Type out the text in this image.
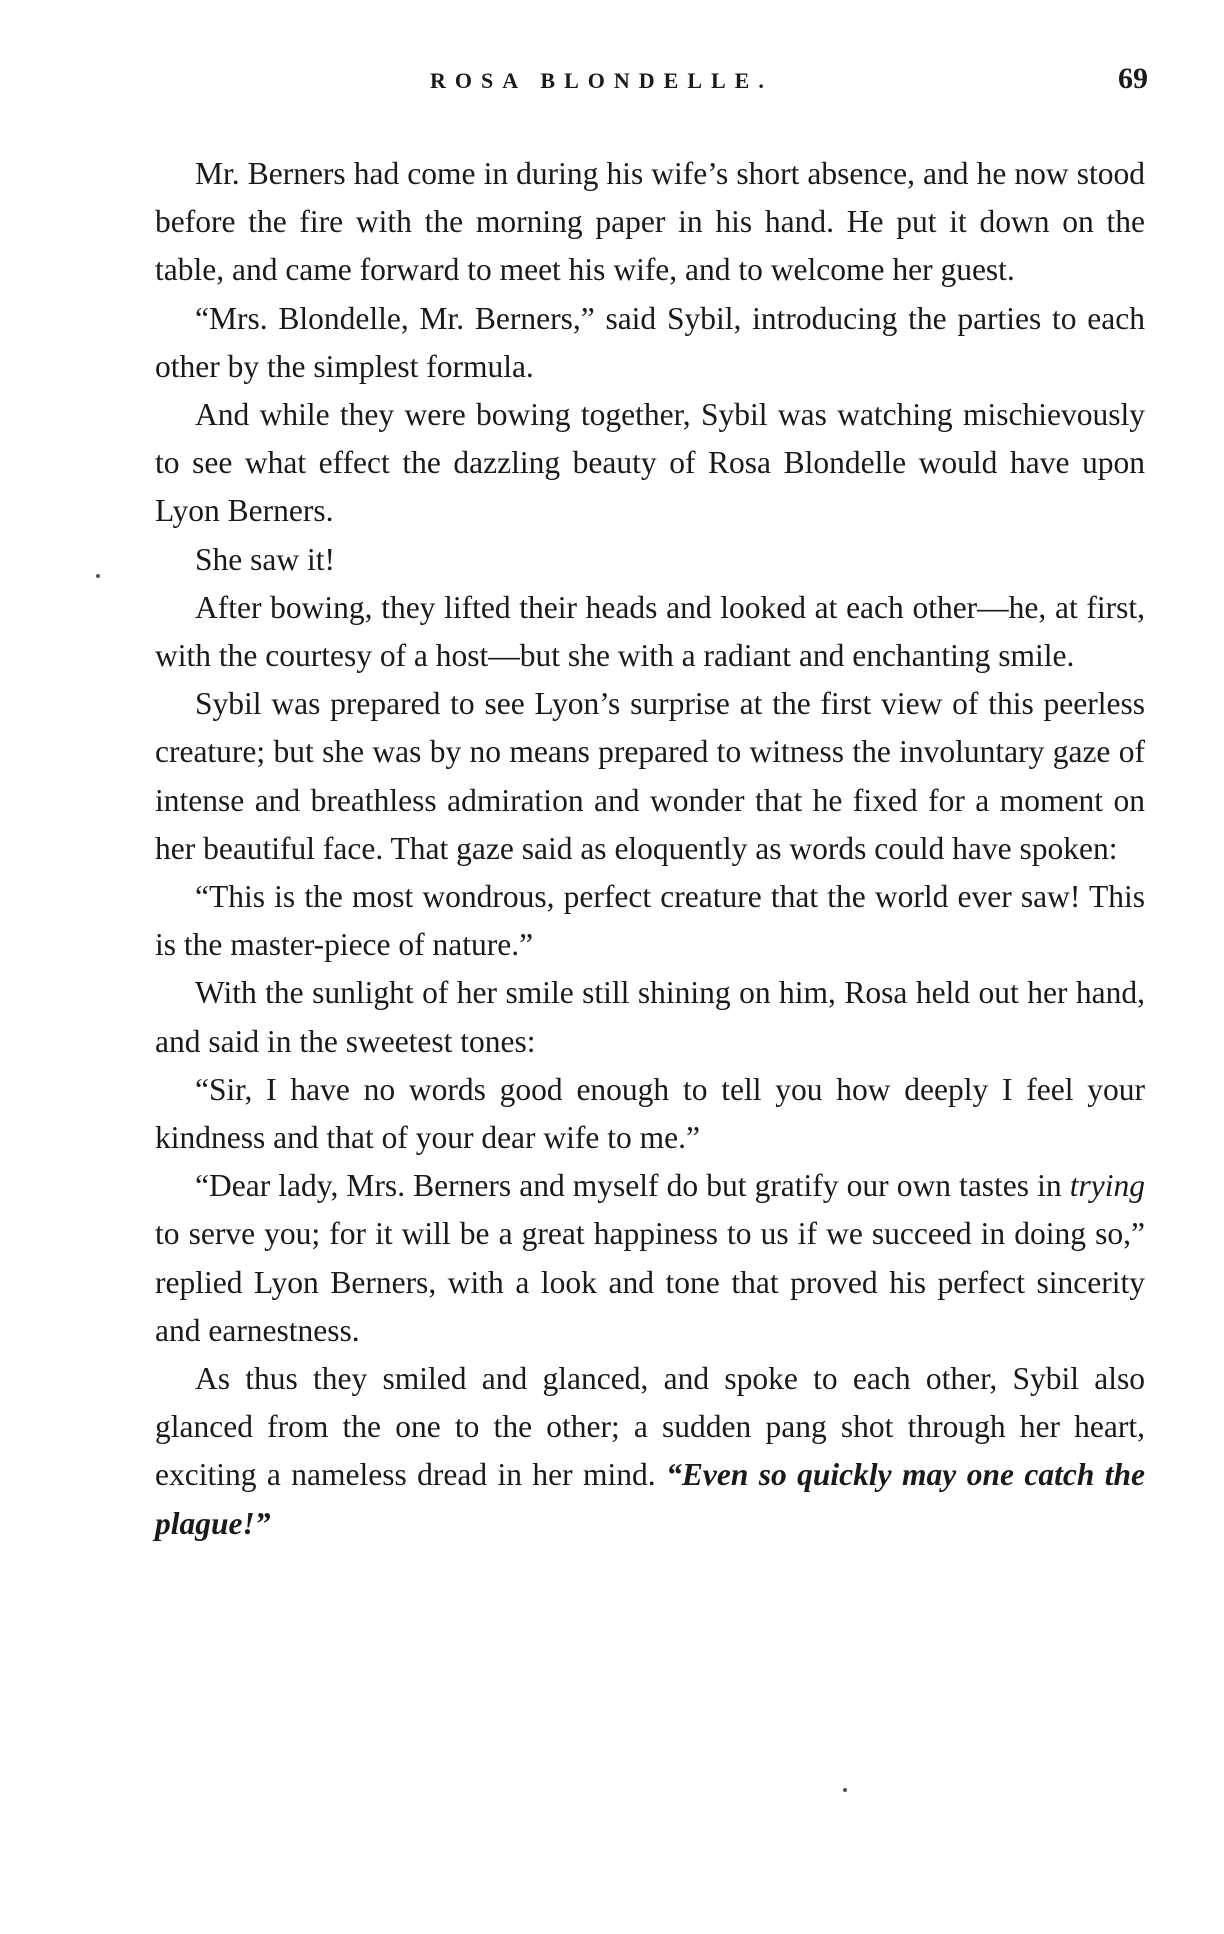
ROSA BLONDELLE.	69

Mr. Berners had come in during his wife’s short absence, and he now stood before the fire with the morning paper in his hand. He put it down on the table, and came forward to meet his wife, and to welcome her guest.

“Mrs. Blondelle, Mr. Berners,” said Sybil, introducing the parties to each other by the simplest formula.

And while they were bowing together, Sybil was watching mischievously to see what effect the dazzling beauty of Rosa Blondelle would have upon Lyon Berners.

She saw it!

After bowing, they lifted their heads and looked at each other—he, at first, with the courtesy of a host—but she with a radiant and enchanting smile.

Sybil was prepared to see Lyon’s surprise at the first view of this peerless creature; but she was by no means prepared to witness the involuntary gaze of intense and breathless admiration and wonder that he fixed for a moment on her beautiful face. That gaze said as eloquently as words could have spoken:

“This is the most wondrous, perfect creature that the world ever saw! This is the master-piece of nature.”

With the sunlight of her smile still shining on him, Rosa held out her hand, and said in the sweetest tones:

“Sir, I have no words good enough to tell you how deeply I feel your kindness and that of your dear wife to me.”

“Dear lady, Mrs. Berners and myself do but gratify our own tastes in trying to serve you; for it will be a great happiness to us if we succeed in doing so,” replied Lyon Berners, with a look and tone that proved his perfect sincerity and earnestness.

As thus they smiled and glanced, and spoke to each other, Sybil also glanced from the one to the other; a sudden pang shot through her heart, exciting a nameless dread in her mind. “Even so quickly may one catch the plague!”
